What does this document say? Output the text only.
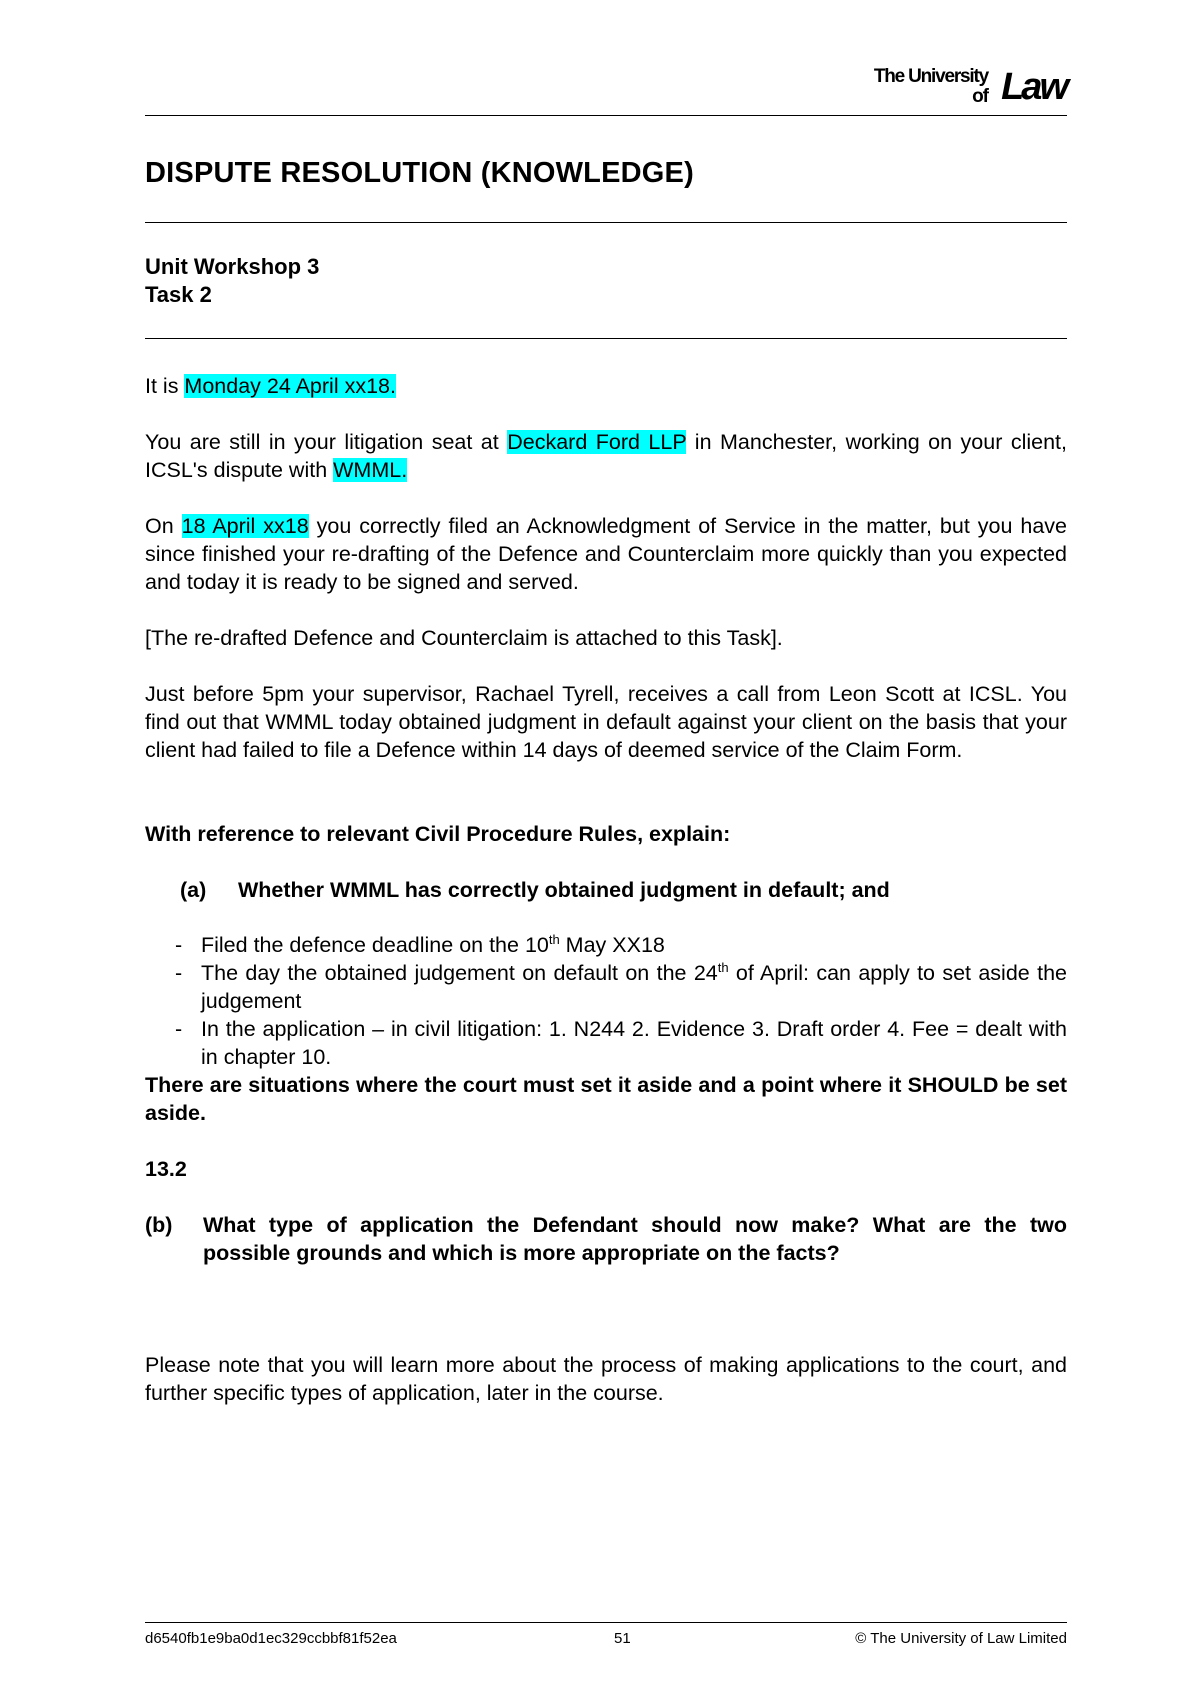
The University
of Law
DISPUTE RESOLUTION (KNOWLEDGE)
Unit Workshop 3
Task 2

It is Monday 24 April xx18.

You are still in your litigation seat at Deckard Ford LLP in Manchester, working on your client, ICSL's dispute with WMML.

On 18 April xx18 you correctly filed an Acknowledgment of Service in the matter, but you have since finished your re-drafting of the Defence and Counterclaim more quickly than you expected and today it is ready to be signed and served.

[The re-drafted Defence and Counterclaim is attached to this Task].

Just before 5pm your supervisor, Rachael Tyrell, receives a call from Leon Scott at ICSL. You find out that WMML today obtained judgment in default against your client on the basis that your client had failed to file a Defence within 14 days of deemed service of the Claim Form.

With reference to relevant Civil Procedure Rules, explain:

(a) Whether WMML has correctly obtained judgment in default; and
- Filed the defence deadline on the 10th May XX18
- The day the obtained judgement on default on the 24th of April: can apply to set aside the judgement
- In the application – in civil litigation: 1. N244 2. Evidence 3. Draft order 4. Fee = dealt with in chapter 10.

There are situations where the court must set it aside and a point where it SHOULD be set aside.

13.2

(b) What type of application the Defendant should now make? What are the two possible grounds and which is more appropriate on the facts?

Please note that you will learn more about the process of making applications to the court, and further specific types of application, later in the course.

d6540fb1e9ba0d1ec329ccbbf81f52ea	51	© The University of Law Limited
